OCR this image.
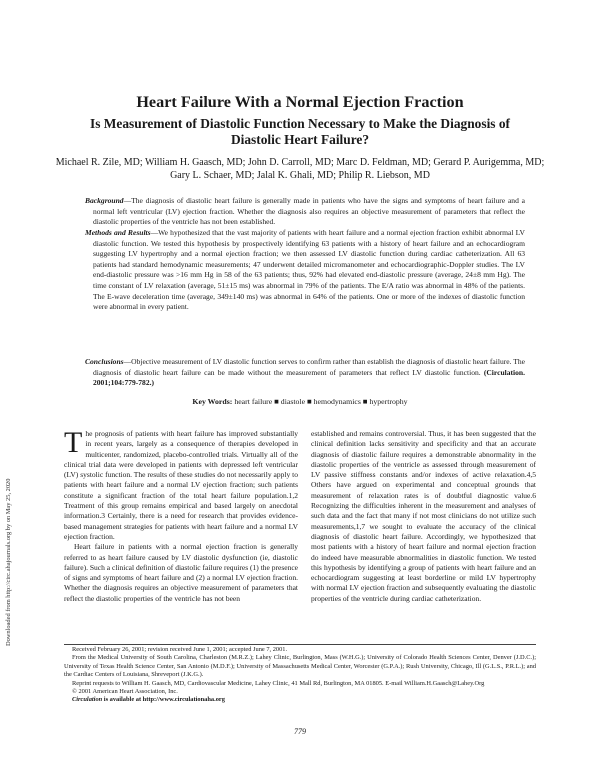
Heart Failure With a Normal Ejection Fraction
Is Measurement of Diastolic Function Necessary to Make the Diagnosis of Diastolic Heart Failure?
Michael R. Zile, MD; William H. Gaasch, MD; John D. Carroll, MD; Marc D. Feldman, MD; Gerard P. Aurigemma, MD; Gary L. Schaer, MD; Jalal K. Ghali, MD; Philip R. Liebson, MD
Background—The diagnosis of diastolic heart failure is generally made in patients who have the signs and symptoms of heart failure and a normal left ventricular (LV) ejection fraction. Whether the diagnosis also requires an objective measurement of parameters that reflect the diastolic properties of the ventricle has not been established.
Methods and Results—We hypothesized that the vast majority of patients with heart failure and a normal ejection fraction exhibit abnormal LV diastolic function. We tested this hypothesis by prospectively identifying 63 patients with a history of heart failure and an echocardiogram suggesting LV hypertrophy and a normal ejection fraction; we then assessed LV diastolic function during cardiac catheterization. All 63 patients had standard hemodynamic measurements; 47 underwent detailed micromanometer and echocardiographic-Doppler studies. The LV end-diastolic pressure was >16 mm Hg in 58 of the 63 patients; thus, 92% had elevated end-diastolic pressure (average, 24±8 mm Hg). The time constant of LV relaxation (average, 51±15 ms) was abnormal in 79% of the patients. The E/A ratio was abnormal in 48% of the patients. The E-wave deceleration time (average, 349±140 ms) was abnormal in 64% of the patients. One or more of the indexes of diastolic function were abnormal in every patient.
Conclusions—Objective measurement of LV diastolic function serves to confirm rather than establish the diagnosis of diastolic heart failure. The diagnosis of diastolic heart failure can be made without the measurement of parameters that reflect LV diastolic function. (Circulation. 2001;104:779-782.)
Key Words: heart failure ■ diastole ■ hemodynamics ■ hypertrophy
Downloaded from http://circ.ahajournals.org by on May 25, 2020

The prognosis of patients with heart failure has improved substantially in recent years, largely as a consequence of therapies developed in multicenter, randomized, placebo-controlled trials. Virtually all of the clinical trial data were developed in patients with depressed left ventricular (LV) systolic function. The results of these studies do not necessarily apply to patients with heart failure and a normal LV ejection fraction; such patients constitute a significant fraction of the total heart failure population.1,2 Treatment of this group remains empirical and based largely on anecdotal information.3 Certainly, there is a need for research that provides evidence-based management strategies for patients with heart failure and a normal LV ejection fraction.

Heart failure in patients with a normal ejection fraction is generally referred to as heart failure caused by LV diastolic dysfunction (ie, diastolic failure). Such a clinical definition of diastolic failure requires (1) the presence of signs and symptoms of heart failure and (2) a normal LV ejection fraction. Whether the diagnosis requires an objective measurement of parameters that reflect the diastolic properties of the ventricle has not been

established and remains controversial. Thus, it has been suggested that the clinical definition lacks sensitivity and specificity and that an accurate diagnosis of diastolic failure requires a demonstrable abnormality in the diastolic properties of the ventricle as assessed through measurement of LV passive stiffness constants and/or indexes of active relaxation.4,5 Others have argued on experimental and conceptual grounds that measurement of relaxation rates is of doubtful diagnostic value.6 Recognizing the difficulties inherent in the measurement and analyses of such data and the fact that many if not most clinicians do not utilize such measurements,1,7 we sought to evaluate the accuracy of the clinical diagnosis of diastolic heart failure. Accordingly, we hypothesized that most patients with a history of heart failure and normal ejection fraction do indeed have measurable abnormalities in diastolic function. We tested this hypothesis by identifying a group of patients with heart failure and an echocardiogram suggesting at least borderline or mild LV hypertrophy with normal LV ejection fraction and subsequently evaluating the diastolic properties of the ventricle during cardiac catheterization.

Received February 26, 2001; revision received June 1, 2001; accepted June 7, 2001.
From the Medical University of South Carolina, Charleston (M.R.Z.); Lahey Clinic, Burlington, Mass (W.H.G.); University of Colorado Health Sciences Center, Denver (J.D.C.); University of Texas Health Science Center, San Antonio (M.D.F.); University of Massachusetts Medical Center, Worcester (G.P.A.); Rush University, Chicago, Ill (G.L.S., P.R.L.); and the Cardiac Centers of Louisiana, Shreveport (J.K.G.).
Reprint requests to William H. Gaasch, MD, Cardiovascular Medicine, Lahey Clinic, 41 Mall Rd, Burlington, MA 01805. E-mail William.H.Gaasch@Lahey.Org
© 2001 American Heart Association, Inc.
Circulation is available at http://www.circulationaha.org
779
